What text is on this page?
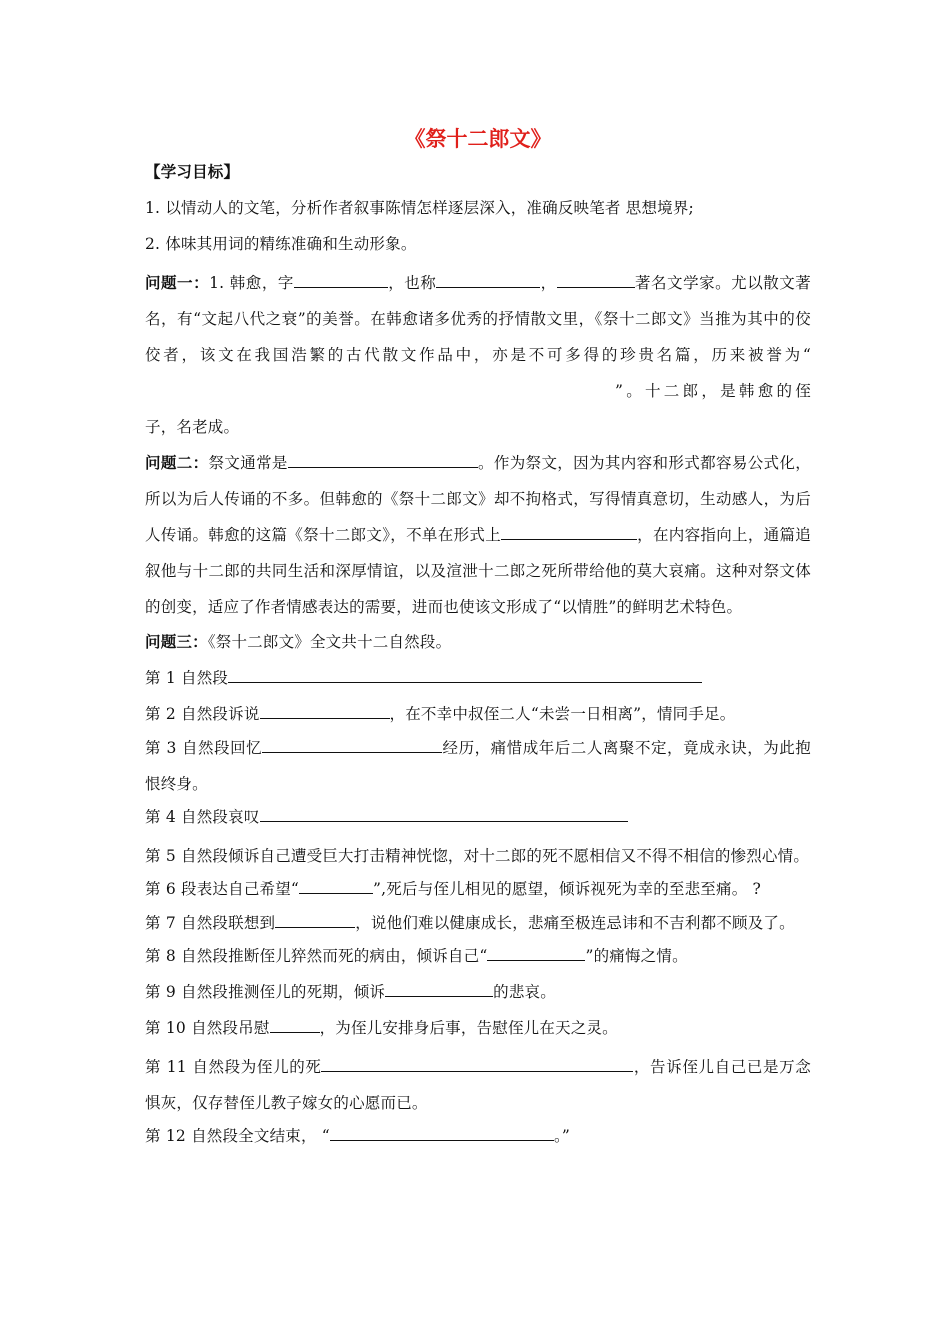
《祭十二郎文》

【学习目标】

1. 以情动人的文笔，分析作者叙事陈情怎样逐层深入，准确反映笔者 思想境界;

2. 体味其用词的精练准确和生动形象。

问题一：1. 韩愈，字	，也称	，	著名文学家。尤以散文著名，有“文起八代之衰”的美誉。在韩愈诸多优秀的抒情散文里，《祭十二郎文》当推为其中的佼佼者，该文在我国浩繁的古代散文作品中，亦是不可多得的珍贵名篇，历来被誉为“”。十二郎，是韩愈的侄子，名老成。

问题二：祭文通常是	。作为祭文，因为其内容和形式都容易公式化，所以为后人传诵的不多。但韩愈的《祭十二郎文》却不拘格式，写得情真意切，生动感人，为后人传诵。韩愈的这篇《祭十二郎文》，不单在形式上	，在内容指向上，通篇追叙他与十二郎的共同生活和深厚情谊，以及渲泄十二郎之死所带给他的莫大哀痛。这种对祭文体的创变，适应了作者情感表达的需要，进而也使该文形成了“以情胜”的鲜明艺术特色。

问题三：《祭十二郎文》全文共十二自然段。

第 1 自然段

第 2 自然段诉说	，在不幸中叔侄二人“未尝一日相离”，情同手足。

第 3 自然段回忆	经历，痛惜成年后二人离聚不定，竟成永诀，为此抱恨终身。

第 4 自然段哀叹

第 5 自然段倾诉自己遭受巨大打击精神恍惚，对十二郎的死不愿相信又不得不相信的惨烈心情。

第 6 段表达自己希望“	”,死后与侄儿相见的愿望，倾诉视死为幸的至悲至痛。 ?

第 7 自然段联想到	，说他们难以健康成长，悲痛至极连忌讳和不吉利都不顾及了。

第 8 自然段推断侄儿猝然而死的病由，倾诉自己“	”的痛悔之情。

第 9 自然段推测侄儿的死期，倾诉	的悲哀。

第 10 自然段吊慰	，为侄儿安排身后事，告慰侄儿在天之灵。

第 11 自然段为侄儿的死	，告诉侄儿自己已是万念惧灰，仅存替侄儿教子嫁女的心愿而已。

第 12 自然段全文结束， “	。”
